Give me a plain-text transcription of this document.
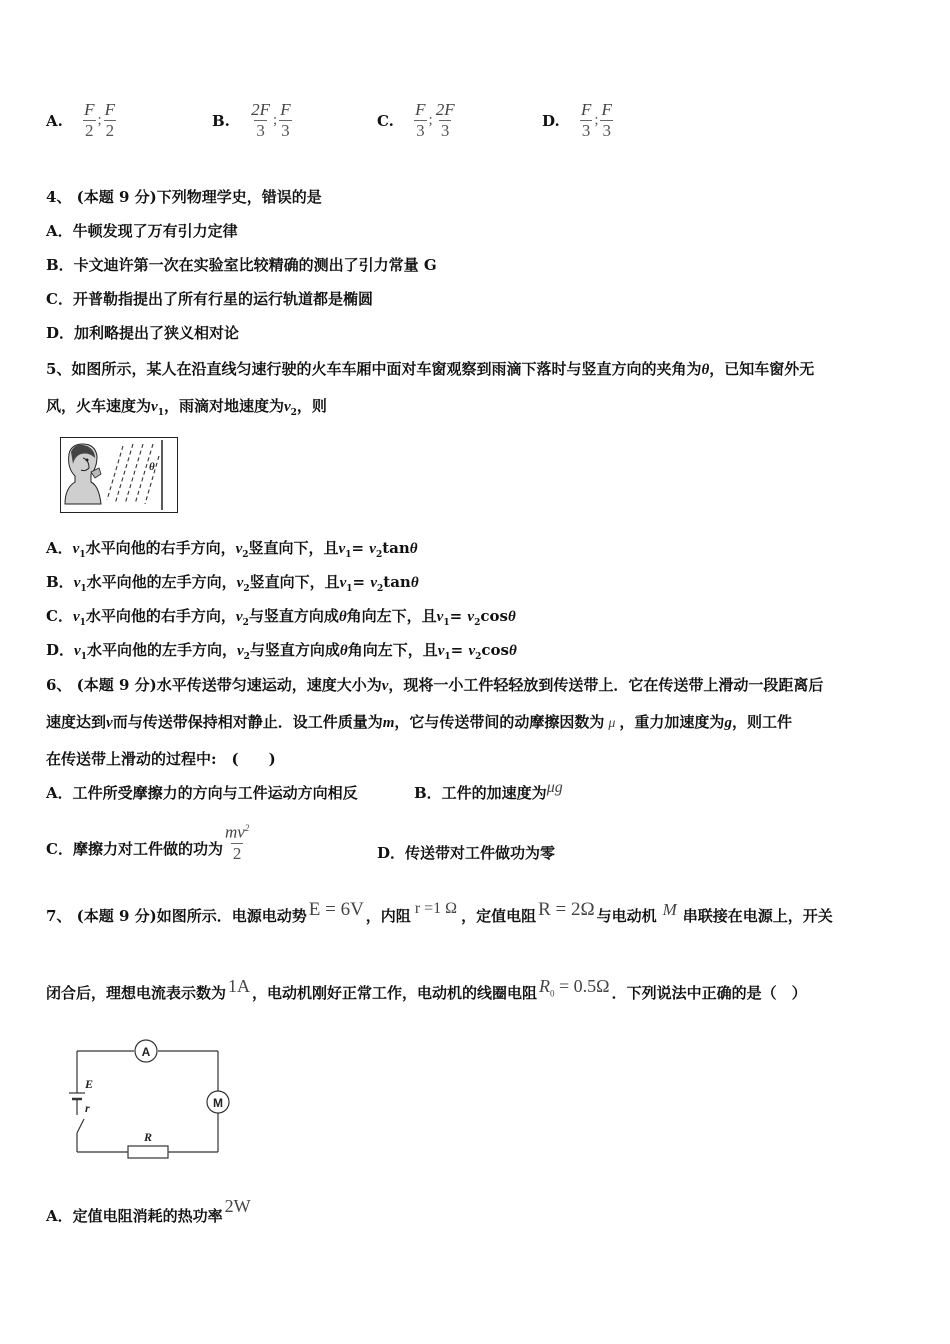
A. $\frac{F}{2}$ ; $\frac{F}{2}$	B. $\frac{2F}{3}$ ; $\frac{F}{3}$	C. $\frac{F}{3}$ ; $\frac{2F}{3}$	D. $\frac{F}{3}$ ; $\frac{F}{3}$
4、 (本题 9 分)下列物理学史，错误的是
A．牛顿发现了万有引力定律
B．卡文迪许第一次在实验室比较精确的测出了引力常量 G
C．开普勒指提出了所有行星的运行轨道都是椭圆
D．加利略提出了狭义相对论
5、如图所示，某人在沿直线匀速行驶的火车车厢中面对车窗观察到雨滴下落时与竖直方向的夹角为θ，已知车窗外无
风，火车速度为$v_1$，雨滴对地速度为$v_2$，则
θ
A．$v_1$水平向他的右手方向，$v_2$竖直向下，且$v_1= v_2\tan\theta$
B．$v_1$水平向他的左手方向，$v_2$竖直向下，且$v_1= v_2\tan\theta$
C．$v_1$水平向他的右手方向，$v_2$与竖直方向成θ角向左下，且$v_1= v_2\cos\theta$
D．$v_1$水平向他的左手方向，$v_2$与竖直方向成θ角向左下，且$v_1= v_2\cos\theta$
6、 (本题 9 分)水平传送带匀速运动，速度大小为v，现将一小工件轻轻放到传送带上．它在传送带上滑动一段距离后
速度达到v而与传送带保持相对静止．设工件质量为m，它与传送带间的动摩擦因数为 μ ，重力加速度为g，则工件
在传送带上滑动的过程中:　(　　)
A．工件所受摩擦力的方向与工件运动方向相反	B．工件的加速度为μg
C．摩擦力对工件做的功为 $\frac{mv^2}{2}$	D．传送带对工件做功为零
7、 (本题 9 分)如图所示．电源电动势 E = 6V ，内阻 r =1 Ω ，定值电阻 R = 2Ω 与电动机 M 串联接在电源上，开关
闭合后，理想电流表示数为 1A ，电动机刚好正常工作，电动机的线圈电阻 $R_0 = 0.5\Omega$ ．下列说法中正确的是（　）
A
M
E
r
R
A．定值电阻消耗的热功率 2W
